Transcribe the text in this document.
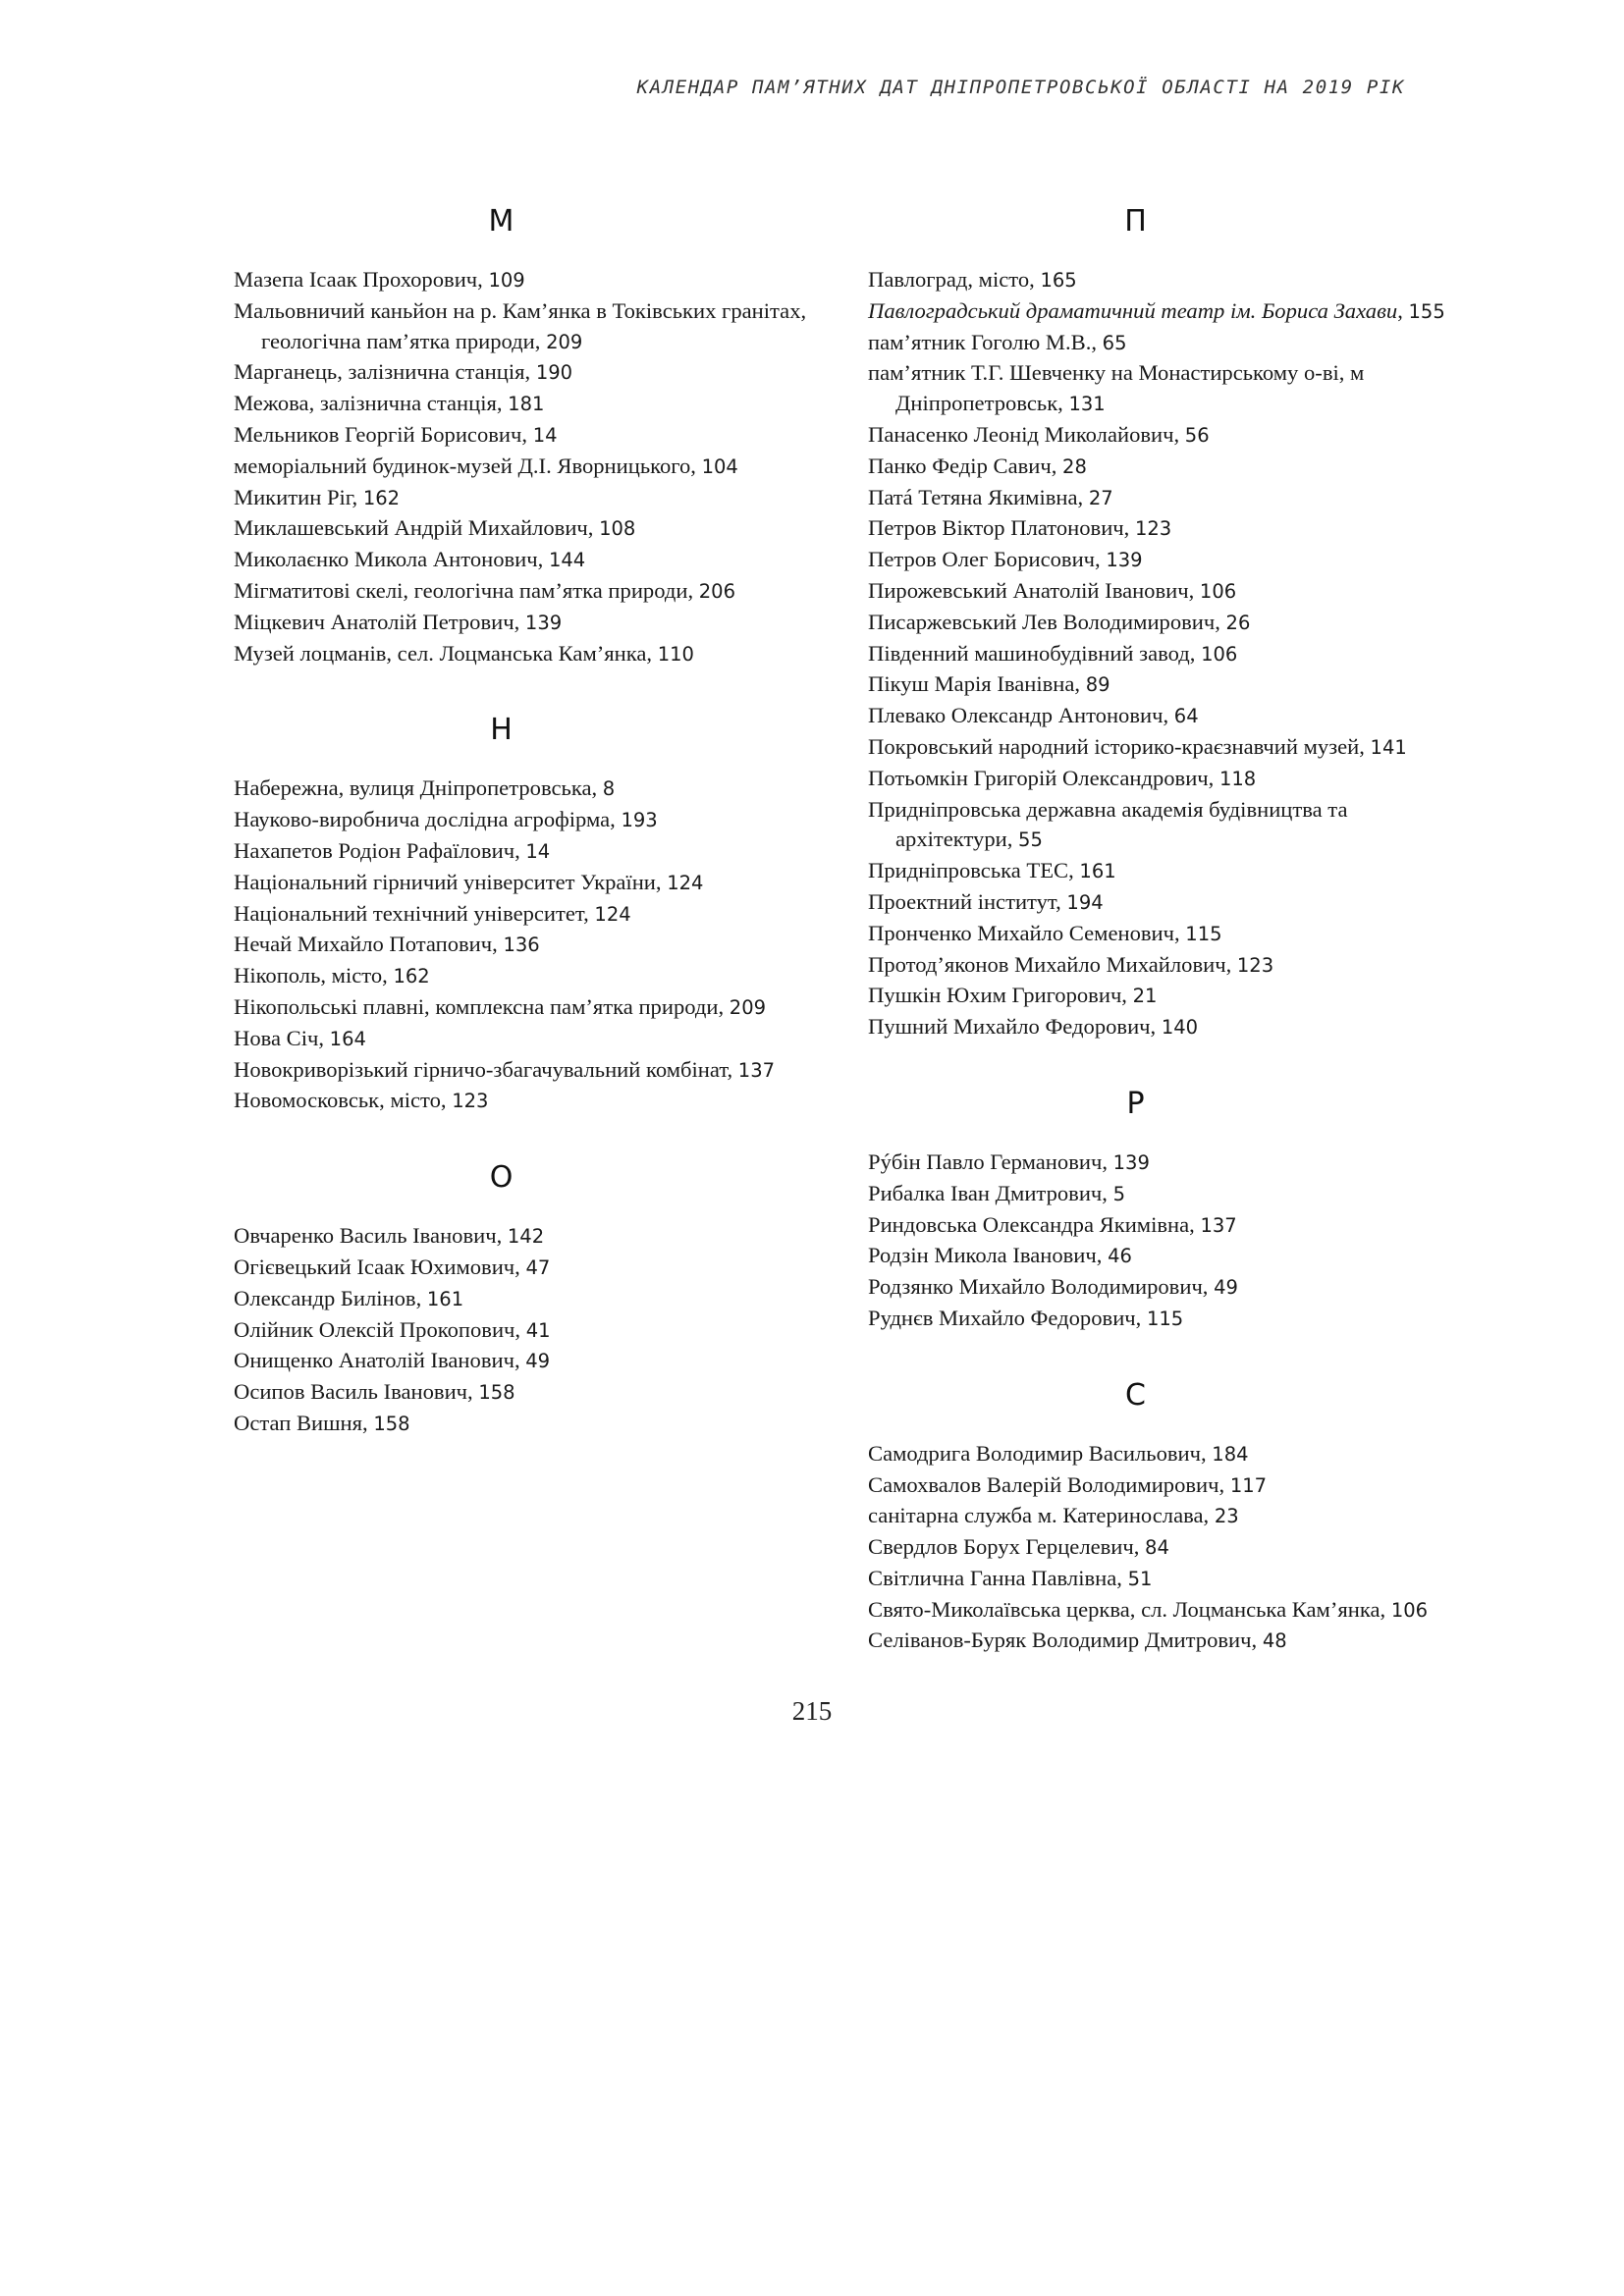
КАЛЕНДАР ПАМ’ЯТНИХ ДАТ ДНІПРОПЕТРОВСЬКОЇ ОБЛАСТІ НА 2019 РІК
М
Мазепа Ісаак Прохорович, 109
Мальовничий каньйон на р. Кам’янка в Токівських гранітах, геологічна пам’ятка природи, 209
Марганець, залізнична станція, 190
Межова, залізнична станція, 181
Мельников Георгій Борисович, 14
меморіальний будинок-музей Д.І. Яворницького, 104
Микитин Ріг, 162
Миклашевський Андрій Михайлович, 108
Миколаєнко Микола Антонович, 144
Мігматитові скелі, геологічна пам’ятка природи, 206
Міцкевич Анатолій Петрович, 139
Музей лоцманів, сел. Лоцманська Кам’янка, 110
Н
Набережна, вулиця Дніпропетровська, 8
Науково-виробнича дослідна агрофірма, 193
Нахапетов Родіон Рафаїлович, 14
Національний гірничий університет України, 124
Національний технічний університет, 124
Нечай Михайло Потапович, 136
Нікополь, місто, 162
Нікопольські плавні, комплексна пам’ятка природи, 209
Нова Січ, 164
Новокриворізький гірничо-збагачувальний комбінат, 137
Новомосковськ, місто, 123
О
Овчаренко Василь Іванович, 142
Огієвецький Ісаак Юхимович, 47
Олександр Билінов, 161
Олійник Олексій Прокопович, 41
Онищенко Анатолій Іванович, 49
Осипов Василь Іванович, 158
Остап Вишня, 158
П
Павлоград, місто, 165
Павлоградський драматичний театр ім. Бориса Захави, 155
пам’ятник Гоголю М.В., 65
пам’ятник Т.Г. Шевченку на Монастирському о-ві, м Дніпропетровськ, 131
Панасенко Леонід Миколайович, 56
Панко Федір Савич, 28
Патá Тетяна Якимівна, 27
Петров Віктор Платонович, 123
Петров Олег Борисович, 139
Пирожевський Анатолій Іванович, 106
Писаржевський Лев Володимирович, 26
Південний машинобудівний завод, 106
Пікуш Марія Іванівна, 89
Плевако Олександр Антонович, 64
Покровський народний історико-краєзнавчий музей, 141
Потьомкін Григорій Олександрович, 118
Придніпровська державна академія будівництва та архітектури, 55
Придніпровська ТЕС, 161
Проектний інститут, 194
Пронченко Михайло Семенович, 115
Протод’яконов Михайло Михайлович, 123
Пушкін Юхим Григорович, 21
Пушний Михайло Федорович, 140
Р
Рýбін Павло Германович, 139
Рибалка Іван Дмитрович, 5
Риндовська Олександра Якимівна, 137
Родзін Микола Іванович, 46
Родзянко Михайло Володимирович, 49
Руднєв Михайло Федорович, 115
С
Самодрига Володимир Васильович, 184
Самохвалов Валерій Володимирович, 117
санітарна служба м. Катеринослава, 23
Свердлов Борух Герцелевич, 84
Світлична Ганна Павлівна, 51
Свято-Миколаївська церква, сл. Лоцманська Кам’янка, 106
Селіванов-Буряк Володимир Дмитрович, 48
215
